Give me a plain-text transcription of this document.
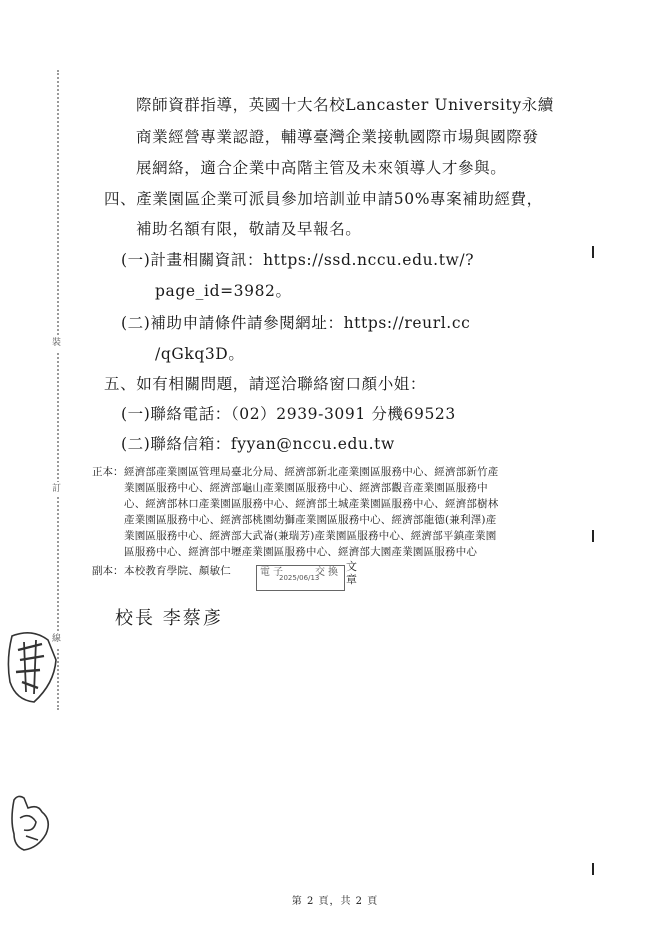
裝
訂
線
際師資群指導，英國十大名校Lancaster University永續
商業經營專業認證，輔導臺灣企業接軌國際市場與國際發
展網絡，適合企業中高階主管及未來領導人才參與。
四、產業園區企業可派員參加培訓並申請50%專案補助經費，
補助名額有限，敬請及早報名。
(一)計畫相關資訊：https://ssd.nccu.edu.tw/?
page_id=3982。
(二)補助申請條件請參閱網址：https://reurl.cc
/qGkq3D。
五、如有相關問題，請逕洽聯絡窗口顏小姐：
(一)聯絡電話：（02）2939-3091 分機69523
(二)聯絡信箱：fyyan@nccu.edu.tw
正本： 經濟部產業園區管理局臺北分局、經濟部新北產業園區服務中心、經濟部新竹產
業園區服務中心、經濟部龜山產業園區服務中心、經濟部觀音產業園區服務中
心、經濟部林口產業園區服務中心、經濟部土城產業園區服務中心、經濟部樹林
產業園區服務中心、經濟部桃園幼獅產業園區服務中心、經濟部龍德(兼利澤)產
業園區服務中心、經濟部大武崙(兼瑞芳)產業園區服務中心、經濟部平鎮產業園
區服務中心、經濟部中壢產業園區服務中心、經濟部大園產業園區服務中心
副本： 本校教育學院、顏敏仁	電子
2025/06/13
交換 文
章
校長 李蔡彥
第 2 頁，共 2 頁
